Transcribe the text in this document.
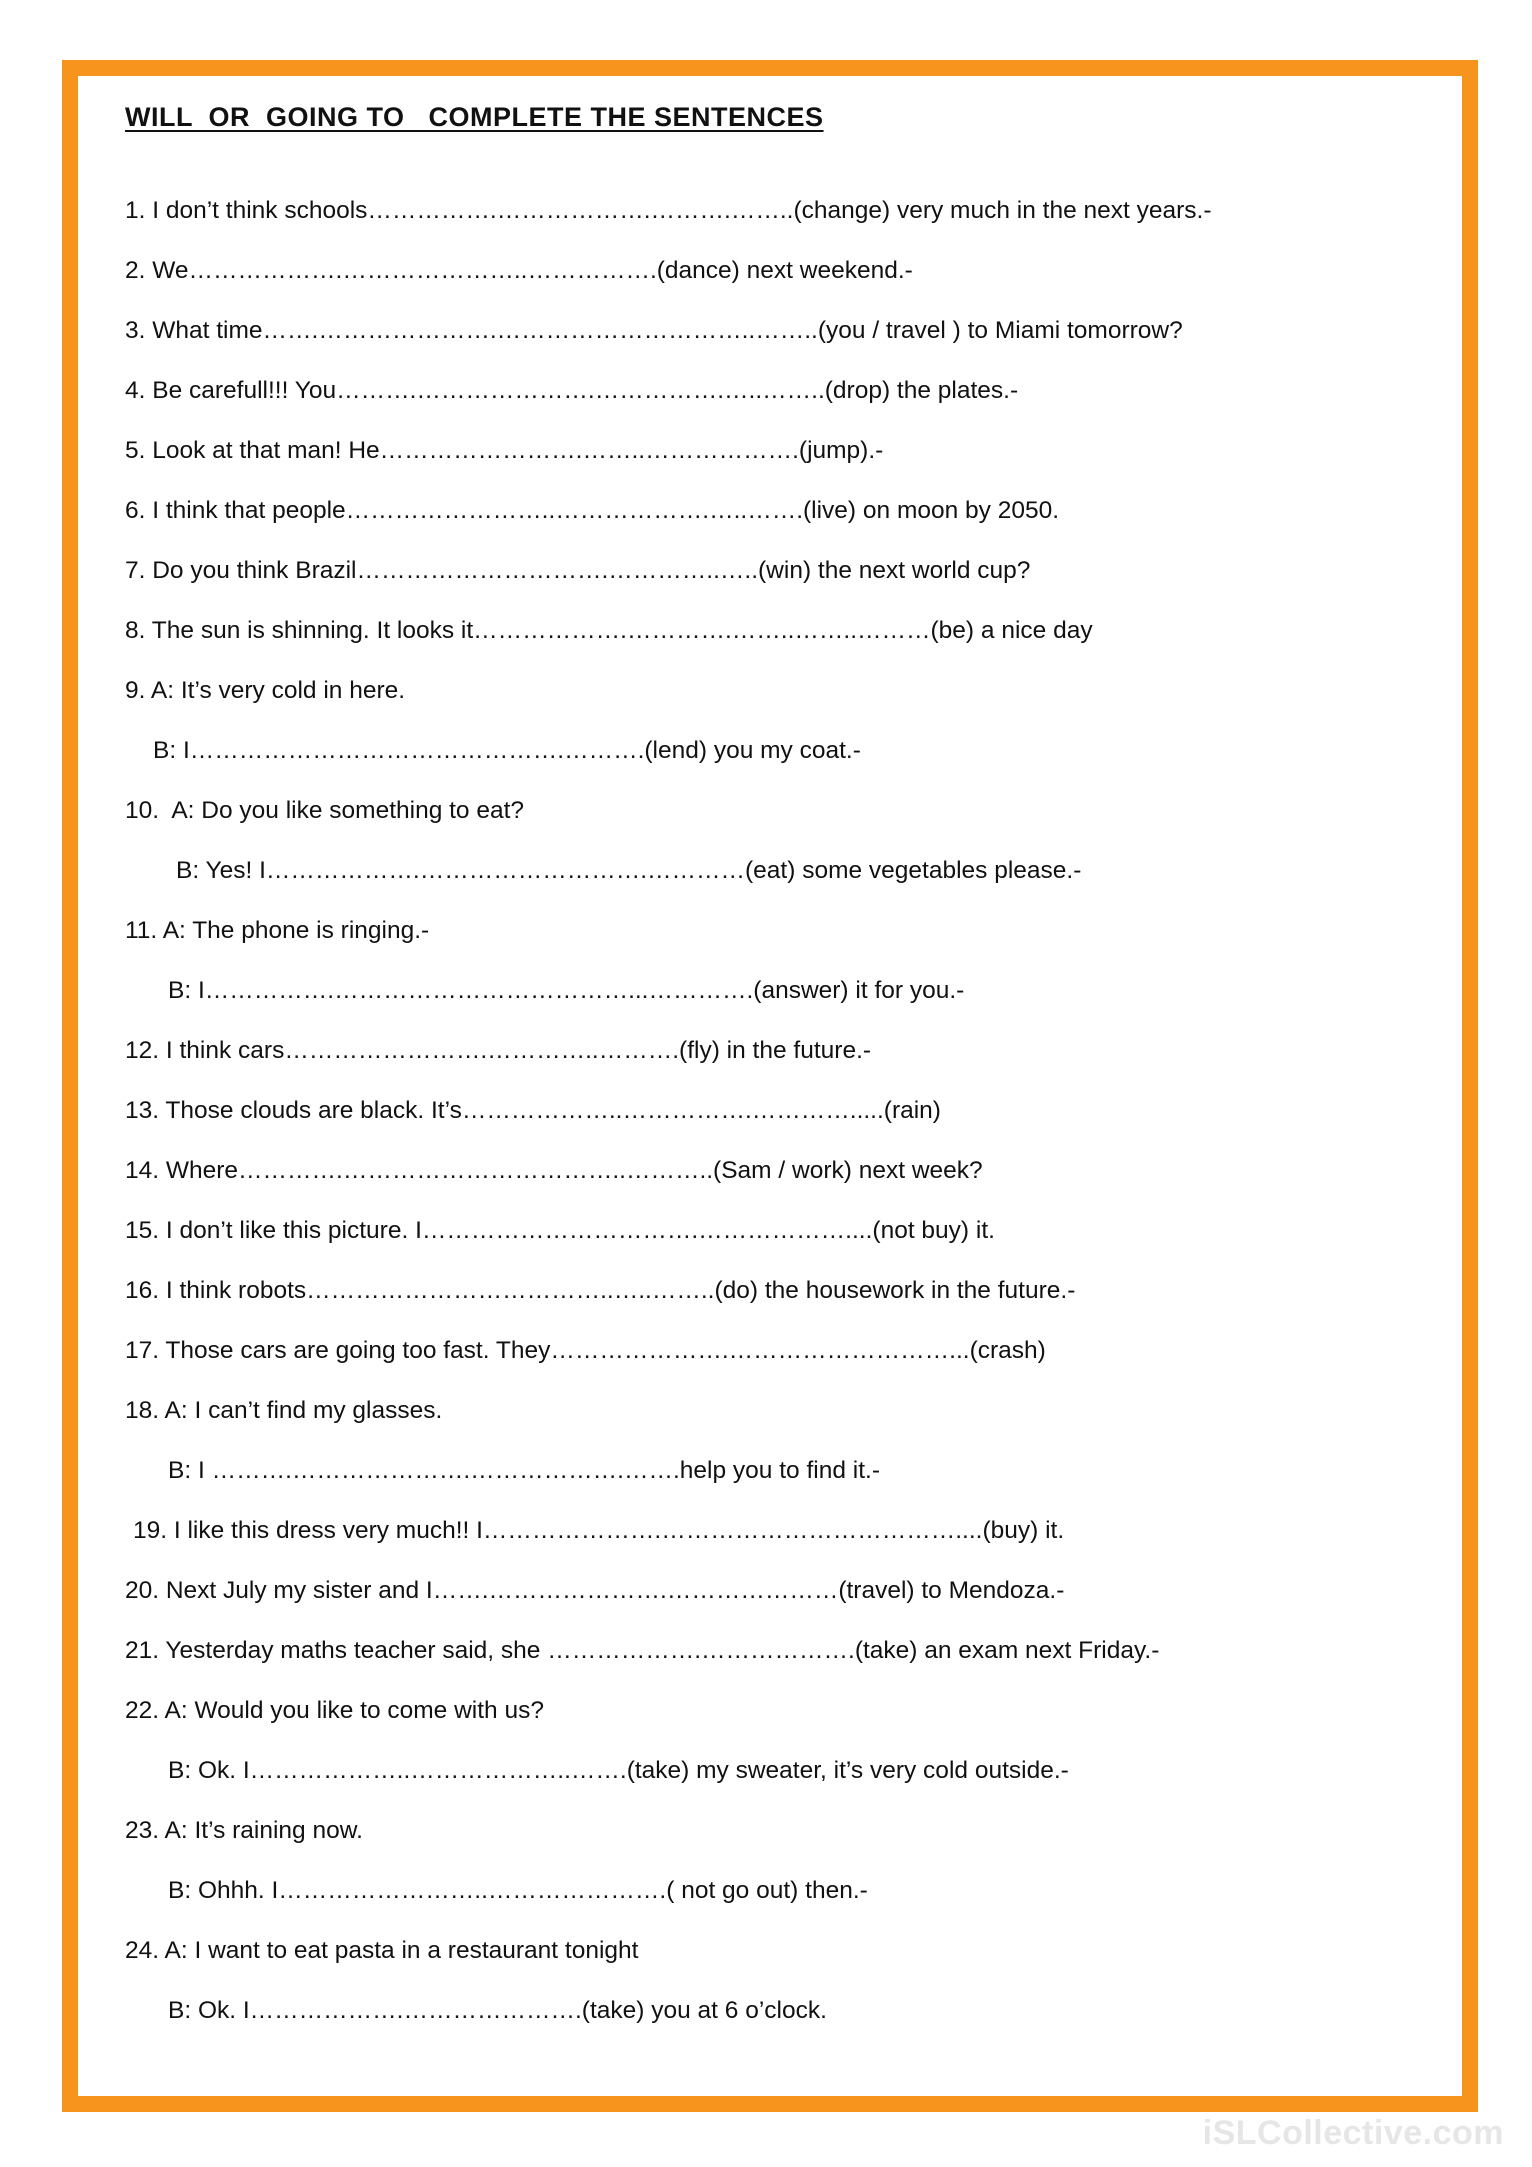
WILL  OR  GOING TO   COMPLETE THE SENTENCES
1. I don’t think schools…………….……………….……….……..(change) very much in the next years.-
2. We……………….…………………..…………….(dance) next weekend.-
3. What time…….………………….…………………………..……..(you / travel ) to Miami tomorrow?
4. Be carefull!!! You……….………………….…………….…..……..(drop) the plates.-
5. Look at that man! He…………………….……..……………….(jump).-
6. I think that people……………………..……………….…..…….(live) on moon by 2050.
7. Do you think Brazil………………………….…………..…..(win) the next world cup?
8. The sun is shinning. It looks it……………….………….……..……..………(be) a nice day
9. A: It’s very cold in here.
B: I……………………………………….……….(lend) you my coat.-
10.  A: Do you like something to eat?
B: Yes! I……………….……………………….…………(eat) some vegetables please.-
11. A: The phone is ringing.-
B: I…………….………………………………...………….(answer) it for you.-
12. I think cars…………………….…………..……….(fly) in the future.-
13. Those clouds are black. It’s………………..…………….………….....(rain)
14. Where………….……………………………..………..(Sam / work) next week?
15. I don’t like this picture. I…………………………….………………....(not buy) it.
16. I think robots………………………………..…..……..(do) the housework in the future.-
17. Those cars are going too fast. They………………….………………………...(crash)
18. A: I can’t find my glasses.
B: I ……….………………….……………….…….help you to find it.-
19. I like this dress very much!! I………………….………………………………....(buy) it.
20. Next July my sister and I…….………………….…………………(travel) to Mendoza.-
21. Yesterday maths teacher said, she ……………….……………….(take) an exam next Friday.-
22. A: Would you like to come with us?
B: Ok. I………………..………………..…….(take) my sweater, it’s very cold outside.-
23. A: It’s raining now.
B: Ohhh. I……………………..………………….( not go out) then.-
24. A: I want to eat pasta in a restaurant tonight
B: Ok. I……………….………………….(take) you at 6 o’clock.
iSLCollective.com
